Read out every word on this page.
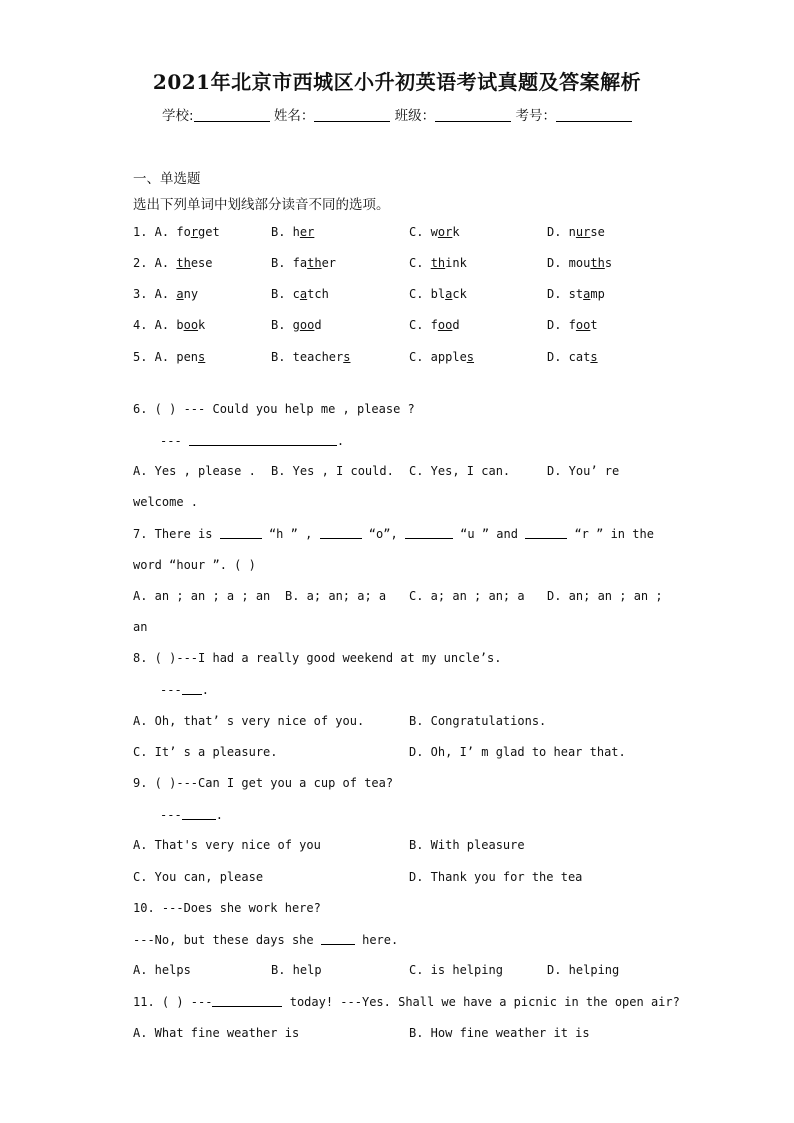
2021年北京市西城区小升初英语考试真题及答案解析
学校:	姓名：	班级：	考号：
一、单选题
选出下列单词中划线部分读音不同的选项。
1. A. forget	B. her	C. work	D. nurse
2. A. these	B. father	C. think	D. mouths
3. A. any	B. catch	C. black	D. stamp
4. A. book	B. good	C. food	D. foot
5. A. pens	B. teachers	C. apples	D. cats
6. ( ) --- Could you help me , please ?
---	.
A. Yes , please . B. Yes , I could. C. Yes, I can.	D. You’ re
welcome .
7. There is	“h ” ,	“o”,	“u ” and	“r ” in the
word “hour ”. ( )
A. an ; an ; a ; an B. a; an; a; a C. a; an ; an; a D. an; an ; an ;
an
8. ( )---I had a really good weekend at my uncle’s.
--- .
A. Oh, that’ s very nice of you.	B. Congratulations.
C. It’ s a pleasure.	D. Oh, I’ m glad to hear that.
9. ( )---Can I get you a cup of tea?
---	.
A. That's very nice of you	B. With pleasure
C. You can, please	D. Thank you for the tea
10. ---Does she work here?
---No, but these days she	here.
A. helps	B. help	C. is helping	D. helping
11. ( ) ---	today! ---Yes. Shall we have a picnic in the open air?
A. What fine weather is	B. How fine weather it is
